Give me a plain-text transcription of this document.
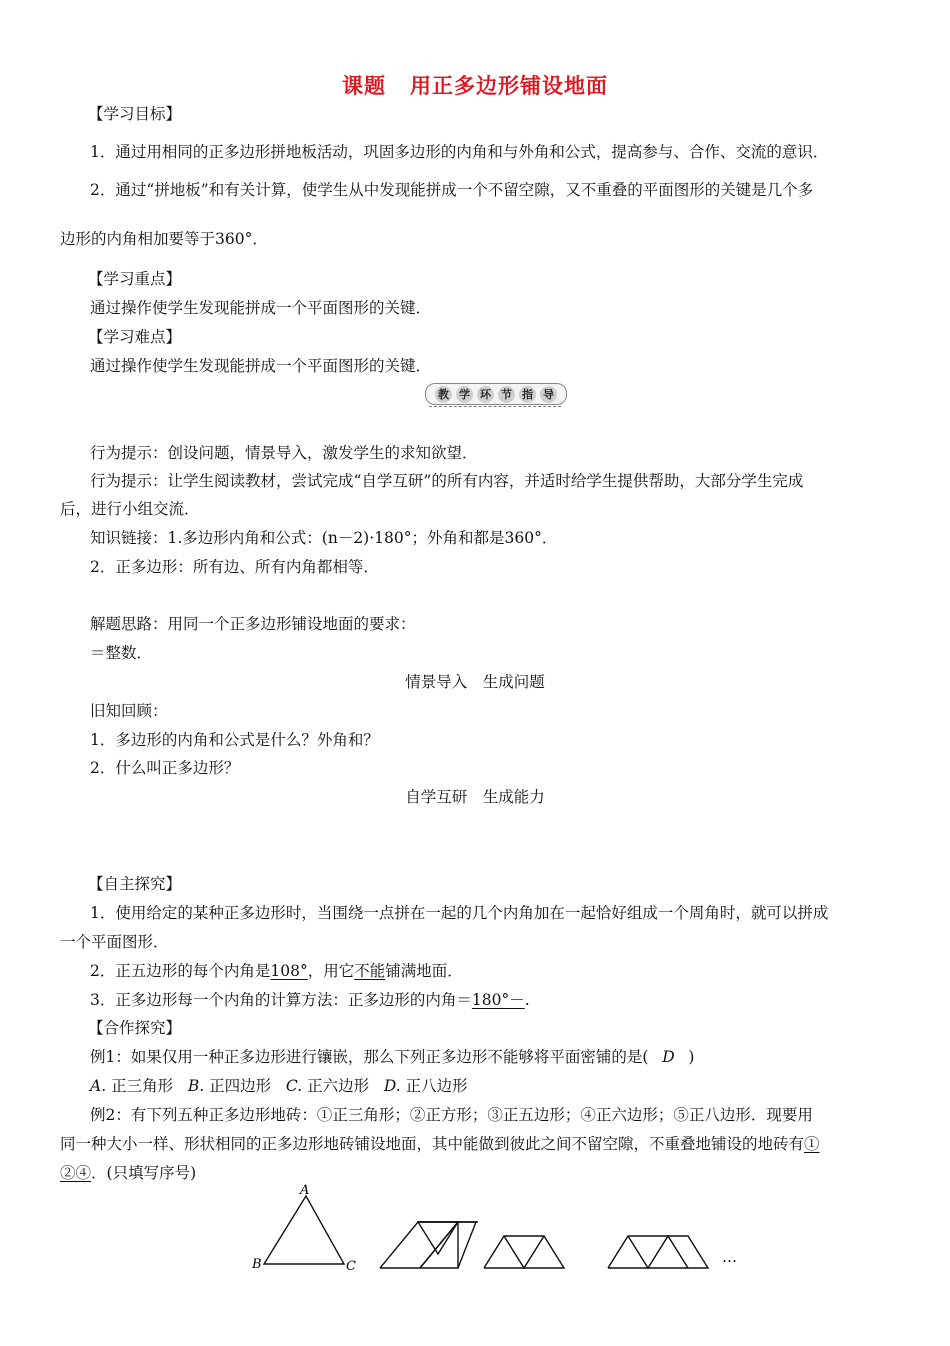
课题 用正多边形铺设地面
【学习目标】
1．通过用相同的正多边形拼地板活动，巩固多边形的内角和与外角和公式，提高参与、合作、交流的意识．
2．通过“拼地板”和有关计算，使学生从中发现能拼成一个不留空隙，又不重叠的平面图形的关键是几个多
边形的内角相加要等于360°．
【学习重点】
通过操作使学生发现能拼成一个平面图形的关键．
【学习难点】
通过操作使学生发现能拼成一个平面图形的关键．
教 学 环 节 指 导
行为提示：创设问题，情景导入，激发学生的求知欲望．
行为提示：让学生阅读教材，尝试完成“自学互研”的所有内容，并适时给学生提供帮助，大部分学生完成
后，进行小组交流．
知识链接：1.多边形内角和公式：(n－2)·180°；外角和都是360°．
2．正多边形：所有边、所有内角都相等．
解题思路：用同一个正多边形铺设地面的要求：
＝整数．
情景导入　生成问题
旧知回顾：
1．多边形的内角和公式是什么？外角和？
2．什么叫正多边形？
自学互研　生成能力
【自主探究】
1．使用给定的某种正多边形时，当围绕一点拼在一起的几个内角加在一起恰好组成一个周角时，就可以拼成
一个平面图形．
2．正五边形的每个内角是108°，用它不能铺满地面．
3．正多边形每一个内角的计算方法：正多边形的内角＝180°－.
【合作探究】
例1：如果仅用一种正多边形进行镶嵌，那么下列正多边形不能够将平面密铺的是( D )
A. 正三角形 B. 正四边形 C. 正六边形 D. 正八边形
例2：有下列五种正多边形地砖：①正三角形；②正方形；③正五边形；④正六边形；⑤正八边形．现要用
同一种大小一样、形状相同的正多边形地砖铺设地面，其中能做到彼此之间不留空隙，不重叠地铺设的地砖有①
②④．(只填写序号)
A
B	C
…
